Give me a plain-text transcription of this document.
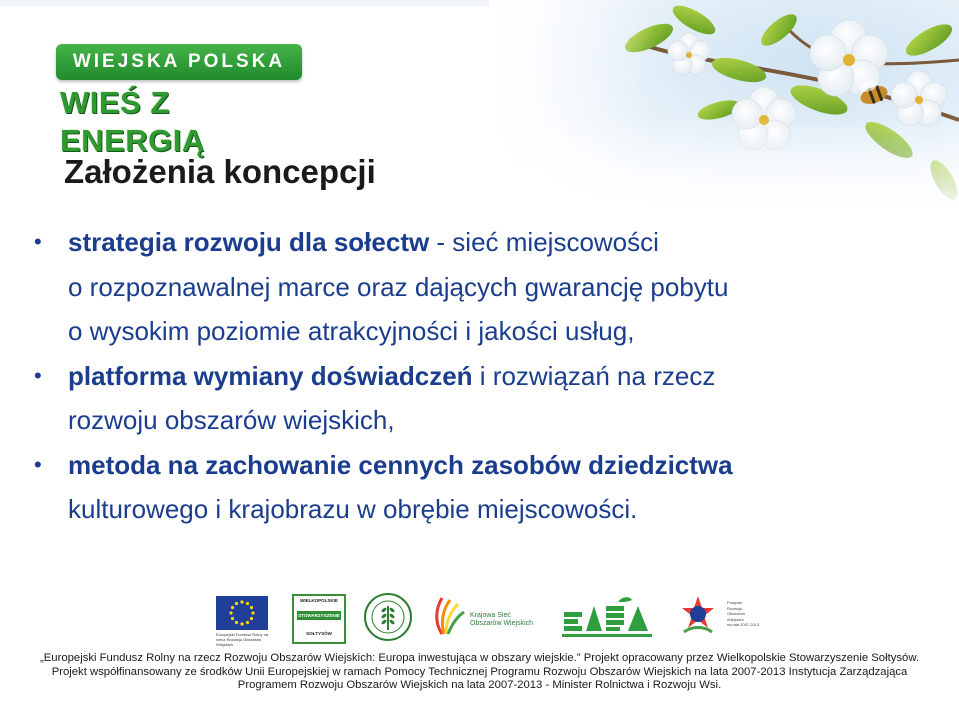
WIEJSKA POLSKA
WIEŚ Z ENERGIĄ
Założenia koncepcji
• strategia rozwoju dla sołectw - sieć miejscowości
o rozpoznawalnej marce oraz dających gwarancję pobytu
o wysokim poziomie atrakcyjności i jakości usług,
• platforma wymiany doświadczeń i rozwiązań na rzecz
rozwoju obszarów wiejskich,
• metoda na zachowanie cennych zasobów dziedzictwa
kulturowego i krajobrazu w obrębie miejscowości.
Europejski Fundusz Rolny na rzecz Rozwoju Obszarów Wiejskich
WIELKOPOLSKIE
STOWARZYSZENIE
SOŁTYSÓW
Krajowa Sieć
Obszarów Wiejskich
Program
Rozwoju
Obszarów
Wiejskich
na lata 2007-2013
„Europejski Fundusz Rolny na rzecz Rozwoju Obszarów Wiejskich: Europa inwestująca w obszary wiejskie.” Projekt opracowany przez Wielkopolskie Stowarzyszenie Sołtysów.
Projekt współfinansowany ze środków Unii Europejskiej w ramach Pomocy Technicznej Programu Rozwoju Obszarów Wiejskich na lata 2007-2013 Instytucja Zarządzająca
Programem Rozwoju Obszarów Wiejskich na lata 2007-2013 - Minister Rolnictwa i Rozwoju Wsi.
